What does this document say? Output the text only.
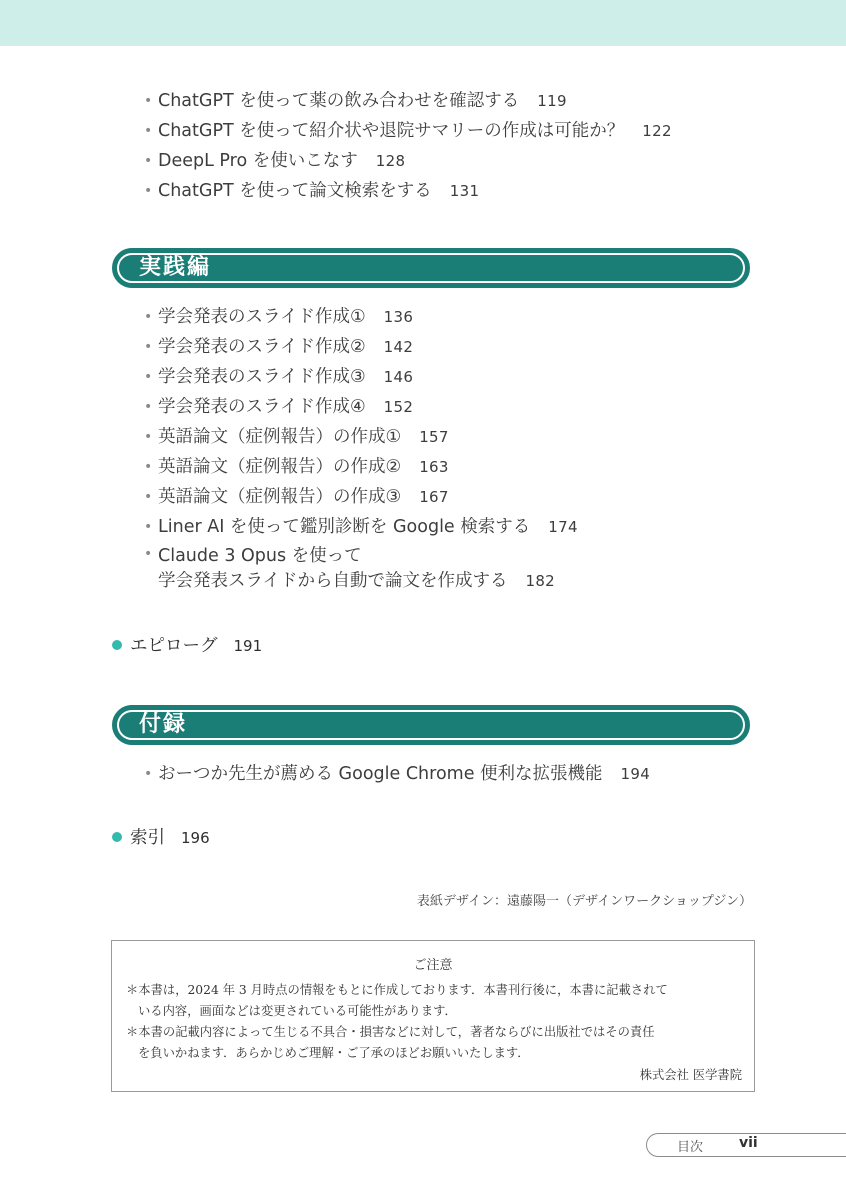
• ChatGPT を使って薬の飲み合わせを確認する 119
• ChatGPT を使って紹介状や退院サマリーの作成は可能か？ 122
• DeepL Pro を使いこなす 128
• ChatGPT を使って論文検索をする 131
実践編
• 学会発表のスライド作成① 136
• 学会発表のスライド作成② 142
• 学会発表のスライド作成③ 146
• 学会発表のスライド作成④ 152
• 英語論文（症例報告）の作成① 157
• 英語論文（症例報告）の作成② 163
• 英語論文（症例報告）の作成③ 167
• Liner AI を使って鑑別診断を Google 検索する 174
• Claude 3 Opus を使って
学会発表スライドから自動で論文を作成する 182
エピローグ 191
付録
• おーつか先生が薦める Google Chrome 便利な拡張機能 194
索引 196
表紙デザイン：遠藤陽一（デザインワークショップジン）
ご注意
＊本書は，2024 年 3 月時点の情報をもとに作成しております．本書刊行後に，本書に記載されて
いる内容，画面などは変更されている可能性があります．
＊本書の記載内容によって生じる不具合・損害などに対して，著者ならびに出版社ではその責任
を負いかねます．あらかじめご理解・ご了承のほどお願いいたします．
株式会社 医学書院
目次	vii
